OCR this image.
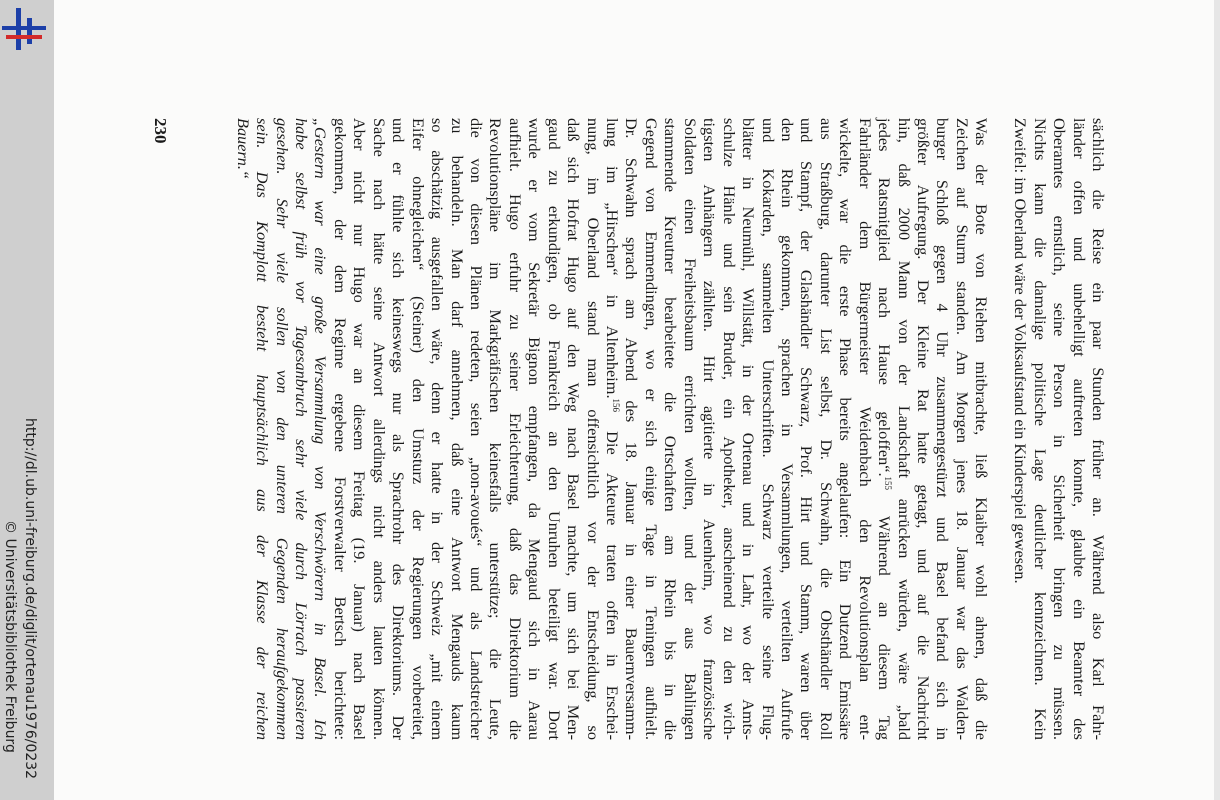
http://dl.ub.uni-freiburg.de/diglit/ortenau1976/0232
© Universitätsbibliothek Freiburg
230	sächlich die Reise ein paar Stunden früher an. Während also Karl Fahr-
länder offen und unbehelligt auftreten konnte, glaubte ein Beamter des
Oberamtes ernstlich, seine Person in Sicherheit bringen zu müssen.
Nichts kann die damalige politische Lage deutlicher kennzeichnen. Kein
Zweifel: im Oberland wäre der Volksaufstand ein Kinderspiel gewesen.
Was der Bote von Riehen mitbrachte, ließ Klaiber wohl ahnen, daß die
Zeichen auf Sturm standen. Am Morgen jenes 18. Januar war das Walden-
burger Schloß gegen 4 Uhr zusammengestürzt und Basel befand sich in
größter Aufregung. Der Kleine Rat hatte getagt, und auf die Nachricht
hin, daß 2000 Mann von der Landschaft anrücken würden, wäre „bald
jedes Ratsmitglied nach Hause geloffen“.$^{155}$ Während an diesem Tag
Fahrländer dem Bürgermeister Weidenbach den Revolutionsplan ent-
wickelte, war die erste Phase bereits angelaufen: Ein Dutzend Emissäre
aus Straßburg, darunter List selbst, Dr. Schwahn, die Obsthändler Roll
und Stampf, der Glashändler Schwarz, Prof. Hirt und Stamm, waren über
den Rhein gekommen, sprachen in Versammlungen, verteilten Aufrufe
und Kokarden, sammelten Unterschriften. Schwarz verteilte seine Flug-
blätter in Neumühl, Willstätt, in der Ortenau und in Lahr, wo der Amts-
schulze Hänle und sein Bruder, ein Apotheker, anscheinend zu den wich-
tigsten Anhängern zählten. Hirt agitierte in Auenheim, wo französische
Soldaten einen Freiheitsbaum errichten wollten, und der aus Bahlingen
stammende Kreutner bearbeitete die Ortschaften am Rhein bis in die
Gegend von Emmendingen, wo er sich einige Tage in Teningen aufhielt.
Dr. Schwahn sprach am Abend des 18. Januar in einer Bauernversamm-
lung im „Hirschen“ in Altenheim.$^{156}$ Die Akteure traten offen in Erschei-
nung, im Oberland stand man offensichtlich vor der Entscheidung, so
daß sich Hofrat Hugo auf den Weg nach Basel machte, um sich bei Men-
gaud zu erkundigen, ob Frankreich an den Unruhen beteiligt war. Dort
wurde er vom Sekretär Bignon empfangen, da Mengaud sich in Aarau
aufhielt. Hugo erfuhr zu seiner Erleichterung, daß das Direktorium die
Revolutionspläne im Markgräfischen keinesfalls unterstütze; die Leute,
die von diesen Plänen redeten, seien „non-avoués“ und als Landstreicher
zu behandeln. Man darf annehmen, daß eine Antwort Mengauds kaum
so abschätzig ausgefallen wäre, denn er hatte in der Schweiz „mit einem
Eifer ohnegleichen“ (Steiner) den Umsturz der Regierungen vorbereitet,
und er fühlte sich keineswegs nur als Sprachrohr des Direktoriums. Der
Sache nach hätte seine Antwort allerdings nicht anders lauten können.
Aber nicht nur Hugo war an diesem Freitag (19. Januar) nach Basel
gekommen, der dem Regime ergebene Forstverwalter Bertsch berichtete:
„Gestern war eine große Versammlung von Verschwörern in Basel. Ich
habe selbst früh vor Tagesanbruch sehr viele durch Lörrach passieren
gesehen. Sehr viele sollen von den unteren Gegenden heraufgekommen
sein. Das Komplott besteht hauptsächlich aus der Klasse der reichen
Bauern.“
